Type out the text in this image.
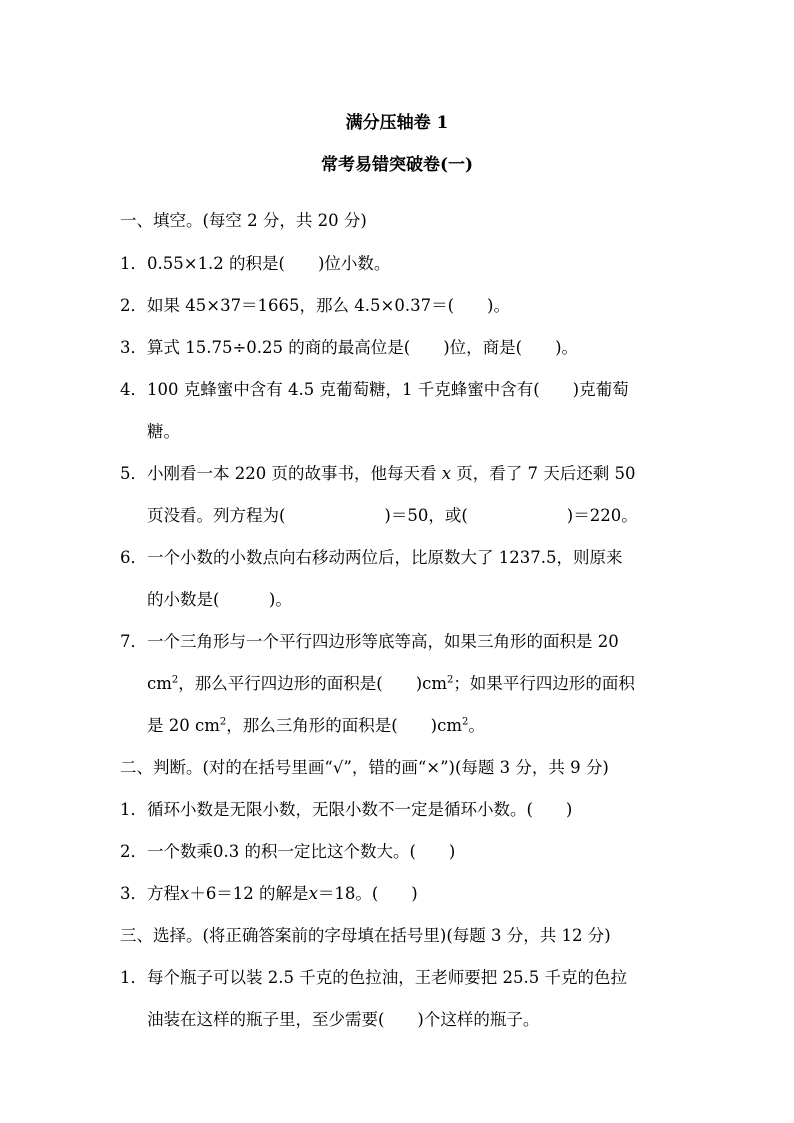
满分压轴卷 1
常考易错突破卷(一)
一、填空。(每空 2 分，共 20 分)
1．0.55×1.2 的积是(　　)位小数。
2．如果 45×37＝1665，那么 4.5×0.37＝(　　)。
3．算式 15.75÷0.25 的商的最高位是(　　)位，商是(　　)。
4．100 克蜂蜜中含有 4.5 克葡萄糖，1 千克蜂蜜中含有(　　)克葡萄
糖。
5．小刚看一本 220 页的故事书，他每天看 x 页，看了 7 天后还剩 50
页没看。列方程为(　　　　　　)＝50，或(　　　　　　)＝220。
6．一个小数的小数点向右移动两位后，比原数大了 1237.5，则原来
的小数是(　　　)。
7．一个三角形与一个平行四边形等底等高，如果三角形的面积是 20
$cm^2$，那么平行四边形的面积是(　　)$cm^2$；如果平行四边形的面积
是 20 $cm^2$，那么三角形的面积是(　　)$cm^2$。
二、判断。(对的在括号里画“√”，错的画“×”)(每题 3 分，共 9 分)
1．循环小数是无限小数，无限小数不一定是循环小数。(　　)
2．一个数乘0.3 的积一定比这个数大。(　　)
3．方程x＋6＝12 的解是x＝18。(　　)
三、选择。(将正确答案前的字母填在括号里)(每题 3 分，共 12 分)
1．每个瓶子可以装 2.5 千克的色拉油，王老师要把 25.5 千克的色拉
油装在这样的瓶子里，至少需要(　　)个这样的瓶子。
